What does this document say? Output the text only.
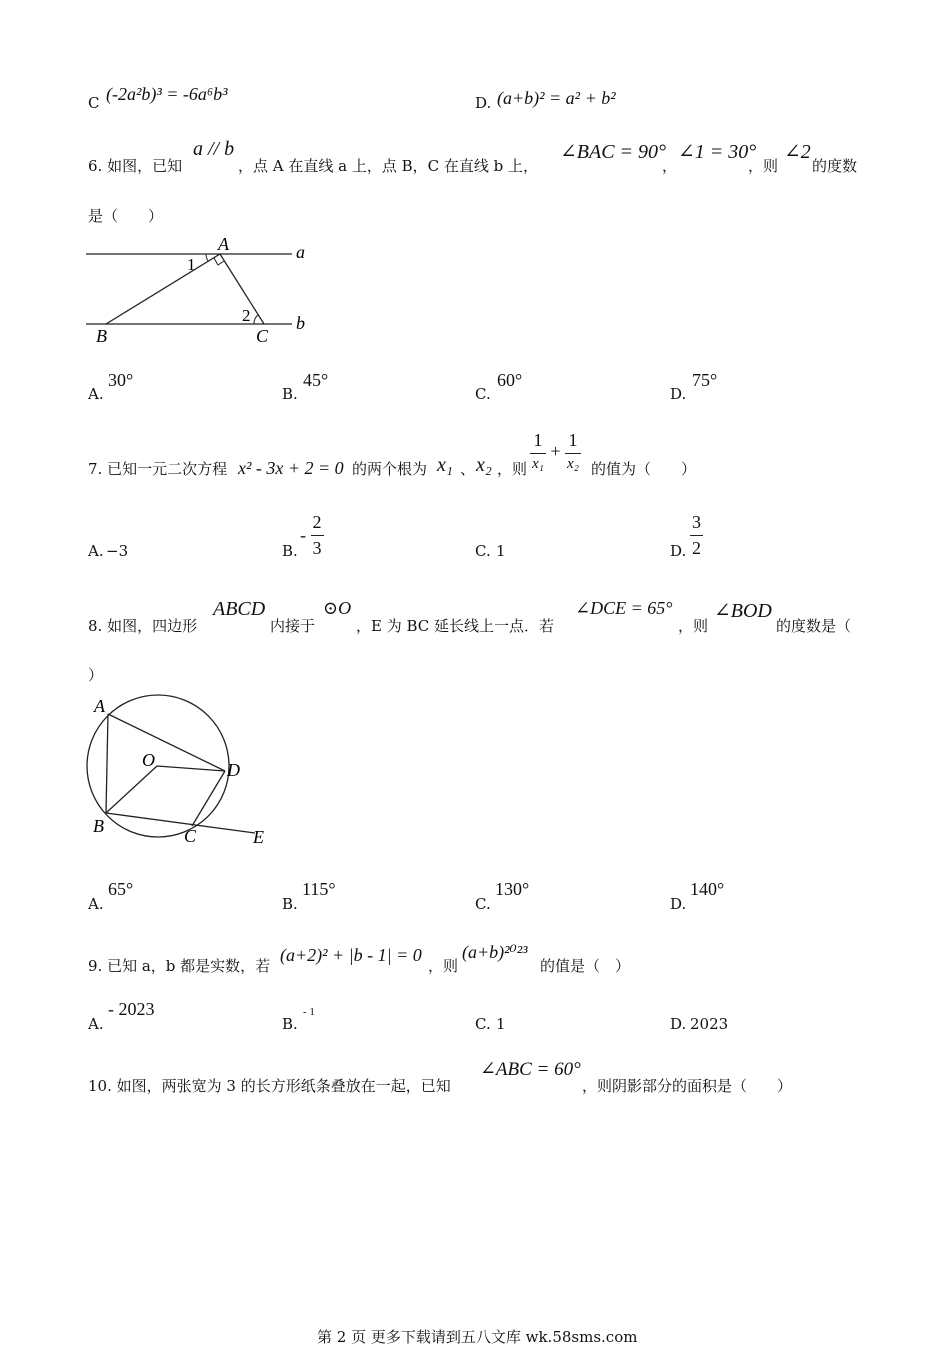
C (-2a²b)³ = -6a⁶b³	D. (a+b)² = a² + b²
6. 如图，已知
a // b
，点 A 在直线 a 上，点 B，C 在直线 b 上，
∠BAC = 90°
，
∠1 = 30°
，则
∠2
的度数
是（　　）
A	a
b
B	C
1
2
A.
30°
B.
45°
C.
60°
D.
75°
7. 已知一元二次方程 x² - 3x + 2 = 0 的两个根为 x₁ 、 x₂ ，则 $\frac{1}{\text{x₁}} + \frac{1}{\text{x₂}}$ 的值为（　　）
A. −3	B.
- $\frac{2}{3}$	C. 1	D. $\frac{3}{2}$
8. 如图，四边形
ABCD
内接于
⊙O
，E 为 BC 延长线上一点．若
∠DCE = 65°
，则
∠BOD
的度数是（
）
A
O	D
B	C	E
A.
65°
B.
115°
C.
130°
D.
140°
9. 已知 a，b 都是实数，若
(a+2)² + |b - 1| = 0
，则
(a+b)²⁰²³
的值是（　）
A.
- 2023
B.
- 1
C. 1	D. 2023
10. 如图，两张宽为 3 的长方形纸条叠放在一起，已知
∠ABC = 60°
，则阴影部分的面积是（　　）
第 2 页 更多下载请到五八文库 wk.58sms.com
